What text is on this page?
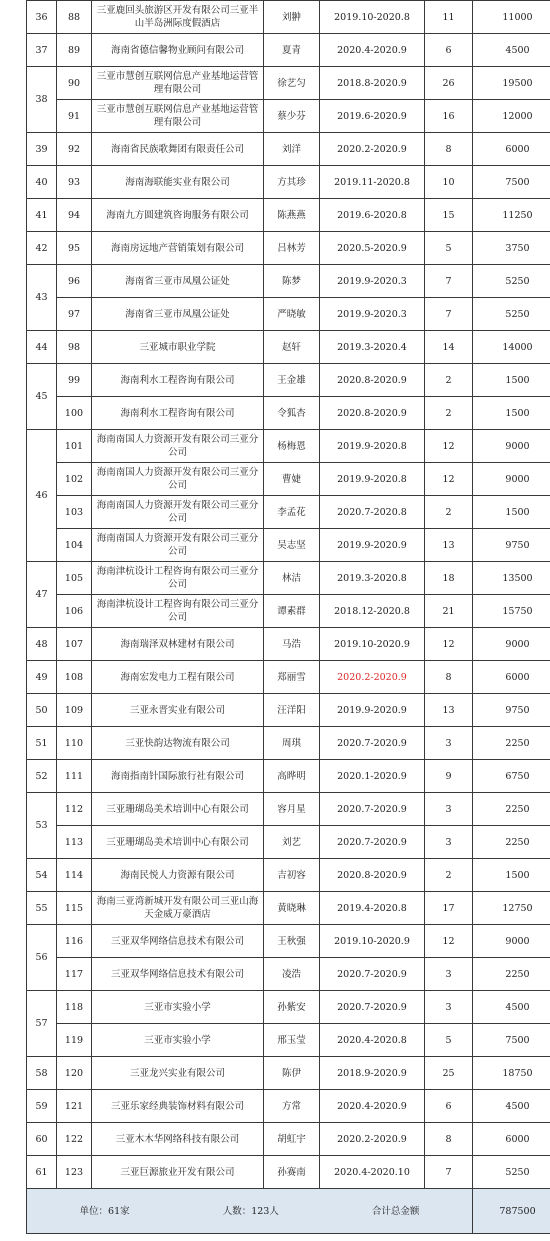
36	88	三亚鹿回头旅游区开发有限公司三亚半山半岛洲际度假酒店	刘翀	2019.10-2020.8	11	11000
37	89	海南省德信馨物业顾问有限公司	夏青	2020.4-2020.9	6	4500
38	90	三亚市慧创互联网信息产业基地运营管理有限公司	徐艺匀	2018.8-2020.9	26	19500
	91	三亚市慧创互联网信息产业基地运营管理有限公司	蔡少芬	2019.6-2020.9	16	12000
39	92	海南省民族歌舞团有限责任公司	刘洋	2020.2-2020.9	8	6000
40	93	海南海联能实业有限公司	方其珍	2019.11-2020.8	10	7500
41	94	海南九方圆建筑咨询服务有限公司	陈燕燕	2019.6-2020.8	15	11250
42	95	海南房远地产营销策划有限公司	吕林芳	2020.5-2020.9	5	3750
43	96	海南省三亚市凤凰公证处	陈梦	2019.9-2020.3	7	5250
	97	海南省三亚市凤凰公证处	严晓敏	2019.9-2020.3	7	5250
44	98	三亚城市职业学院	赵轩	2019.3-2020.4	14	14000
45	99	海南利水工程咨询有限公司	王金雄	2020.8-2020.9	2	1500
	100	海南利水工程咨询有限公司	令狐杏	2020.8-2020.9	2	1500
46	101	海南南国人力资源开发有限公司三亚分公司	杨梅恩	2019.9-2020.8	12	9000
	102	海南南国人力资源开发有限公司三亚分公司	曹婕	2019.9-2020.8	12	9000
	103	海南南国人力资源开发有限公司三亚分公司	李孟花	2020.7-2020.8	2	1500
	104	海南南国人力资源开发有限公司三亚分公司	吴志坚	2019.9-2020.9	13	9750
47	105	海南津杭设计工程咨询有限公司三亚分公司	林洁	2019.3-2020.8	18	13500
	106	海南津杭设计工程咨询有限公司三亚分公司	谭素群	2018.12-2020.8	21	15750
48	107	海南瑞泽双林建材有限公司	马浩	2019.10-2020.9	12	9000
49	108	海南宏发电力工程有限公司	郑丽雪	2020.2-2020.9	8	6000
50	109	三亚永晋实业有限公司	汪洋阳	2019.9-2020.9	13	9750
51	110	三亚快韵达物流有限公司	周琪	2020.7-2020.9	3	2250
52	111	海南指南针国际旅行社有限公司	高晔明	2020.1-2020.9	9	6750
53	112	三亚珊瑚岛美术培训中心有限公司	容月星	2020.7-2020.9	3	2250
	113	三亚珊瑚岛美术培训中心有限公司	刘艺	2020.7-2020.9	3	2250
54	114	海南民悦人力资源有限公司	吉初容	2020.8-2020.9	2	1500
55	115	海南三亚湾新城开发有限公司三亚山海天金威万豪酒店	黄晓琳	2019.4-2020.8	17	12750
56	116	三亚双华网络信息技术有限公司	王秋强	2019.10-2020.9	12	9000
	117	三亚双华网络信息技术有限公司	凌浩	2020.7-2020.9	3	2250
57	118	三亚市实验小学	孙紫安	2020.7-2020.9	3	4500
	119	三亚市实验小学	邢玉莹	2020.4-2020.8	5	7500
58	120	三亚龙兴实业有限公司	陈伊	2018.9-2020.9	25	18750
59	121	三亚乐家经典装饰材料有限公司	方常	2020.4-2020.9	6	4500
60	122	三亚木木华网络科技有限公司	胡虹宇	2020.2-2020.9	8	6000
61	123	三亚巨源旅业开发有限公司	孙赛南	2020.4-2020.10	7	5250

单位：61家 人数：123人 合计总金额						787500
